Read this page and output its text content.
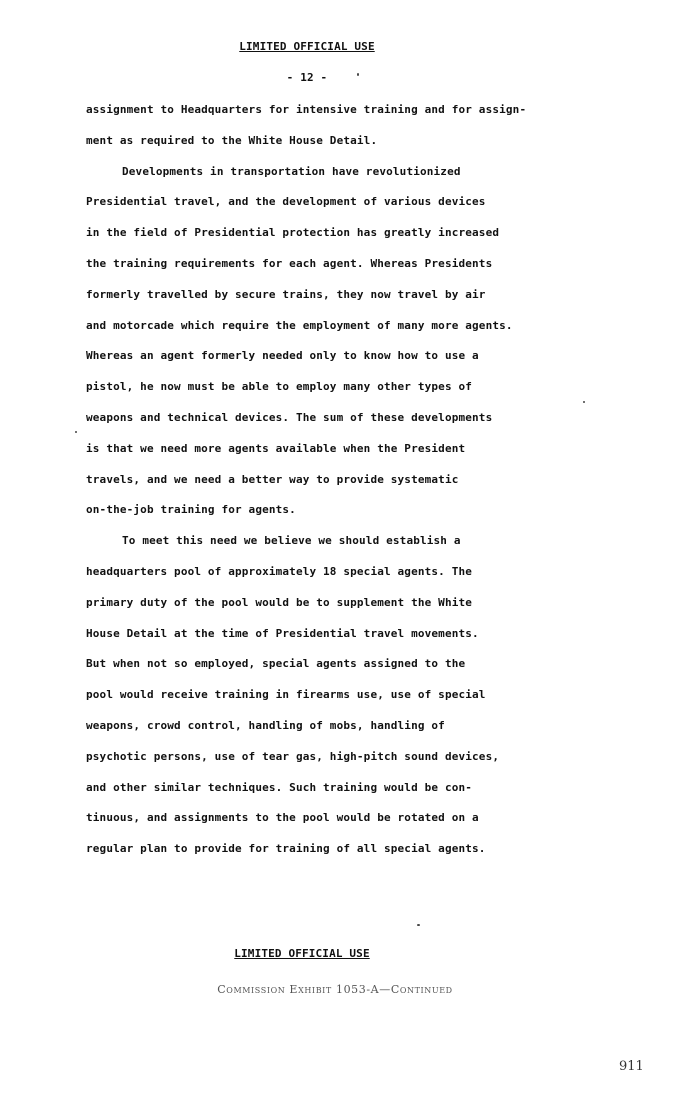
LIMITED OFFICIAL USE
- 12 -
assignment to Headquarters for intensive training and for assign-
ment as required to the White House Detail.
Developments in transportation have revolutionized
Presidential travel, and the development of various devices
in the field of Presidential protection has greatly increased
the training requirements for each agent. Whereas Presidents
formerly travelled by secure trains, they now travel by air
and motorcade which require the employment of many more agents.
Whereas an agent formerly needed only to know how to use a
pistol, he now must be able to employ many other types of
weapons and technical devices. The sum of these developments
is that we need more agents available when the President
travels, and we need a better way to provide systematic
on-the-job training for agents.
To meet this need we believe we should establish a
headquarters pool of approximately 18 special agents. The
primary duty of the pool would be to supplement the White
House Detail at the time of Presidential travel movements.
But when not so employed, special agents assigned to the
pool would receive training in firearms use, use of special
weapons, crowd control, handling of mobs, handling of
psychotic persons, use of tear gas, high-pitch sound devices,
and other similar techniques. Such training would be con-
tinuous, and assignments to the pool would be rotated on a
regular plan to provide for training of all special agents.
LIMITED OFFICIAL USE
Commission Exhibit 1053-A—Continued
911
